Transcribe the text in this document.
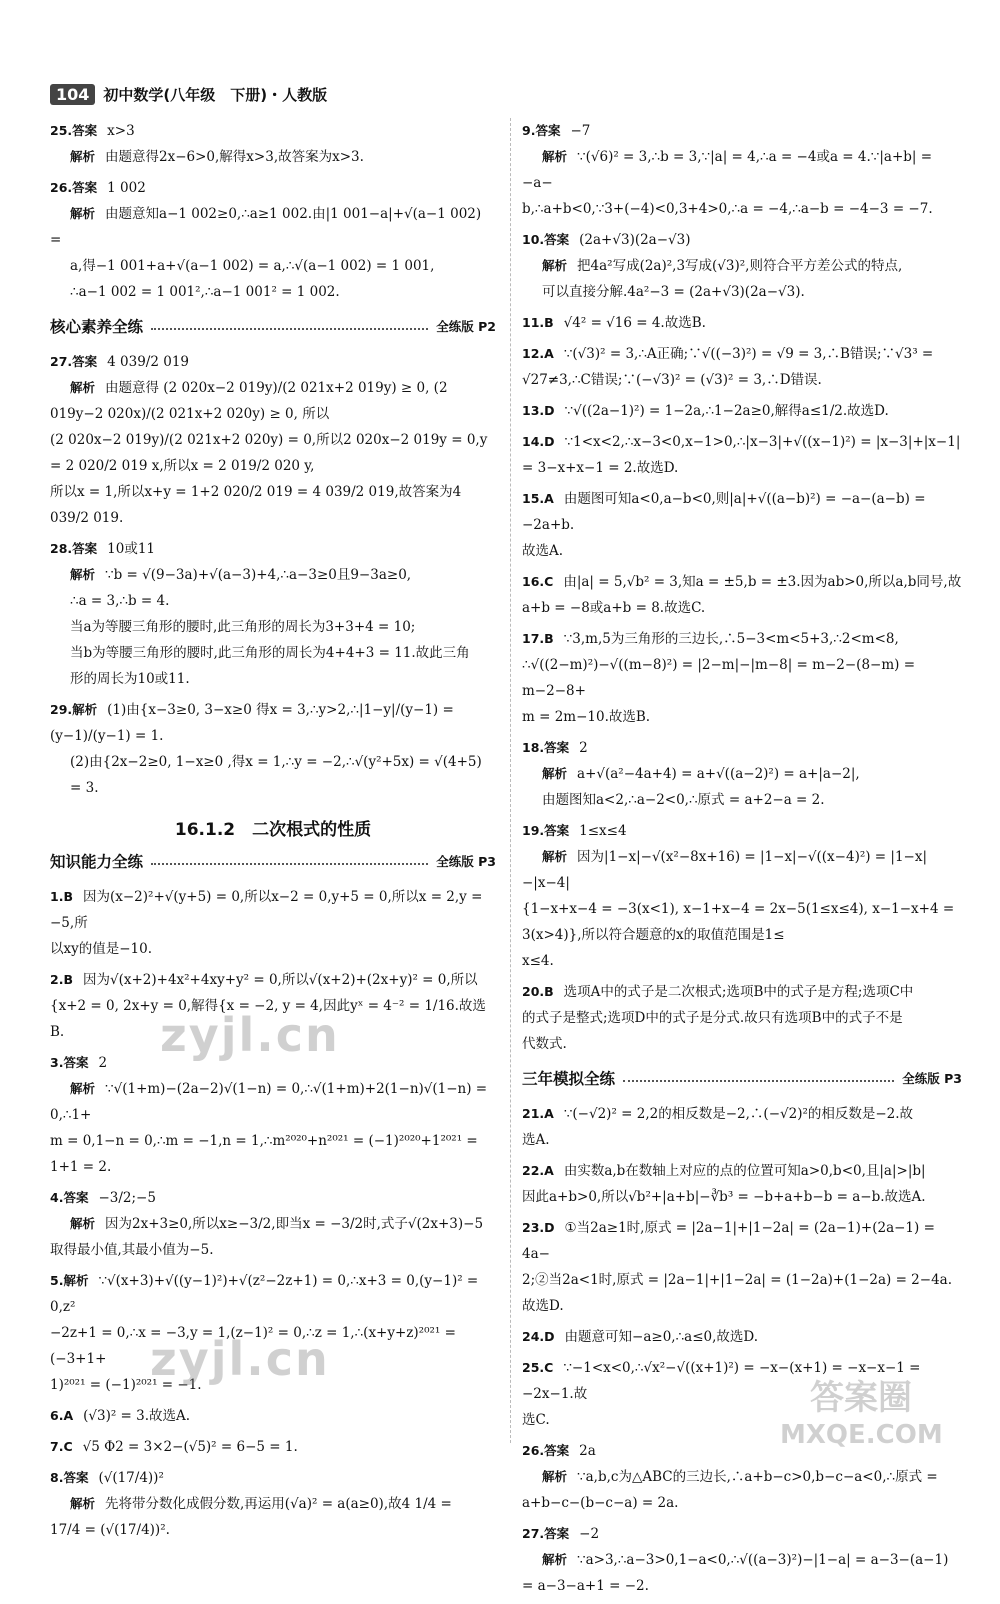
104 初中数学(八年级　下册)・人教版
25.答案 x>3
解析 由题意得2x−6>0,解得x>3,故答案为x>3.
26.答案 1 002
解析 由题意知a−1 002≥0,∴a≥1 002.由|1 001−a|+√(a−1 002) =
a,得−1 001+a+√(a−1 002) = a,∴√(a−1 002) = 1 001,
∴a−1 002 = 1 001²,∴a−1 001² = 1 002.
核心素养全练	全练版 P2
27.答案 4 039/2 019
解析 由题意得 (2 020x−2 019y)/(2 021x+2 019y) ≥ 0, (2 019y−2 020x)/(2 021x+2 020y) ≥ 0, 所以
(2 020x−2 019y)/(2 021x+2 020y) = 0,所以2 020x−2 019y = 0,y = 2 020/2 019 x,所以x = 2 019/2 020 y,
所以x = 1,所以x+y = 1+2 020/2 019 = 4 039/2 019,故答案为4 039/2 019.
28.答案 10或11
解析 ∵b = √(9−3a)+√(a−3)+4,∴a−3≥0且9−3a≥0,
∴a = 3,∴b = 4.
当a为等腰三角形的腰时,此三角形的周长为3+3+4 = 10;
当b为等腰三角形的腰时,此三角形的周长为4+4+3 = 11.故此三角
形的周长为10或11.
29.解析 (1)由{x−3≥0, 3−x≥0 得x = 3,∴y>2,∴|1−y|/(y−1) = (y−1)/(y−1) = 1.
(2)由{2x−2≥0, 1−x≥0 ,得x = 1,∴y = −2,∴√(y²+5x) = √(4+5) = 3.
16.1.2　二次根式的性质
知识能力全练	全练版 P3
1.B 因为(x−2)²+√(y+5) = 0,所以x−2 = 0,y+5 = 0,所以x = 2,y = −5,所
以xy的值是−10.
2.B 因为√(x+2)+4x²+4xy+y² = 0,所以√(x+2)+(2x+y)² = 0,所以
{x+2 = 0, 2x+y = 0,解得{x = −2, y = 4,因此yˣ = 4⁻² = 1/16.故选B.
3.答案 2
解析 ∵√(1+m)−(2a−2)√(1−n) = 0,∴√(1+m)+2(1−n)√(1−n) = 0,∴1+
m = 0,1−n = 0,∴m = −1,n = 1,∴m²⁰²⁰+n²⁰²¹ = (−1)²⁰²⁰+1²⁰²¹ = 1+1 = 2.
4.答案 −3/2;−5
解析 因为2x+3≥0,所以x≥−3/2,即当x = −3/2时,式子√(2x+3)−5
取得最小值,其最小值为−5.
5.解析 ∵√(x+3)+√((y−1)²)+√(z²−2z+1) = 0,∴x+3 = 0,(y−1)² = 0,z²
−2z+1 = 0,∴x = −3,y = 1,(z−1)² = 0,∴z = 1,∴(x+y+z)²⁰²¹ = (−3+1+
1)²⁰²¹ = (−1)²⁰²¹ = −1.
6.A (√3)² = 3.故选A.
7.C √5 Φ2 = 3×2−(√5)² = 6−5 = 1.
8.答案 (√(17/4))²
解析 先将带分数化成假分数,再运用(√a)² = a(a≥0),故4 1/4 =
17/4 = (√(17/4))².
9.答案 −7
解析 ∵(√6)² = 3,∴b = 3,∵|a| = 4,∴a = −4或a = 4.∵|a+b| = −a−
b,∴a+b<0,∵3+(−4)<0,3+4>0,∴a = −4,∴a−b = −4−3 = −7.
10.答案 (2a+√3)(2a−√3)
解析 把4a²写成(2a)²,3写成(√3)²,则符合平方差公式的特点,
可以直接分解.4a²−3 = (2a+√3)(2a−√3).
11.B √4² = √16 = 4.故选B.
12.A ∵(√3)² = 3,∴A正确;∵√((−3)²) = √9 = 3,∴B错误;∵√3³ =
√27≠3,∴C错误;∵(−√3)² = (√3)² = 3,∴D错误.
13.D ∵√((2a−1)²) = 1−2a,∴1−2a≥0,解得a≤1/2.故选D.
14.D ∵1<x<2,∴x−3<0,x−1>0,∴|x−3|+√((x−1)²) = |x−3|+|x−1|
= 3−x+x−1 = 2.故选D.
15.A 由题图可知a<0,a−b<0,则|a|+√((a−b)²) = −a−(a−b) = −2a+b.
故选A.
16.C 由|a| = 5,√b² = 3,知a = ±5,b = ±3.因为ab>0,所以a,b同号,故
a+b = −8或a+b = 8.故选C.
17.B ∵3,m,5为三角形的三边长,∴5−3<m<5+3,∴2<m<8,
∴√((2−m)²)−√((m−8)²) = |2−m|−|m−8| = m−2−(8−m) = m−2−8+
m = 2m−10.故选B.
18.答案 2
解析 a+√(a²−4a+4) = a+√((a−2)²) = a+|a−2|,
由题图知a<2,∴a−2<0,∴原式 = a+2−a = 2.
19.答案 1≤x≤4
解析 因为|1−x|−√(x²−8x+16) = |1−x|−√((x−4)²) = |1−x|−|x−4|
{1−x+x−4 = −3(x<1), x−1+x−4 = 2x−5(1≤x≤4), x−1−x+4 = 3(x>4)},所以符合题意的x的取值范围是1≤
x≤4.
20.B 选项A中的式子是二次根式;选项B中的式子是方程;选项C中
的式子是整式;选项D中的式子是分式.故只有选项B中的式子不是
代数式.
三年模拟全练	全练版 P3
21.A ∵(−√2)² = 2,2的相反数是−2,∴(−√2)²的相反数是−2.故
选A.
22.A 由实数a,b在数轴上对应的点的位置可知a>0,b<0,且|a|>|b|
因此a+b>0,所以√b²+|a+b|−∛b³ = −b+a+b−b = a−b.故选A.
23.D ①当2a≥1时,原式 = |2a−1|+|1−2a| = (2a−1)+(2a−1) = 4a−
2;②当2a<1时,原式 = |2a−1|+|1−2a| = (1−2a)+(1−2a) = 2−4a.
故选D.
24.D 由题意可知−a≥0,∴a≤0,故选D.
25.C ∵−1<x<0,∴√x²−√((x+1)²) = −x−(x+1) = −x−x−1 = −2x−1.故
选C.
26.答案 2a
解析 ∵a,b,c为△ABC的三边长,∴a+b−c>0,b−c−a<0,∴原式 =
a+b−c−(b−c−a) = 2a.
27.答案 −2
解析 ∵a>3,∴a−3>0,1−a<0,∴√((a−3)²)−|1−a| = a−3−(a−1)
= a−3−a+1 = −2.
zyjl.cn
zyjl.cn
答案圈
MXQE.COM
